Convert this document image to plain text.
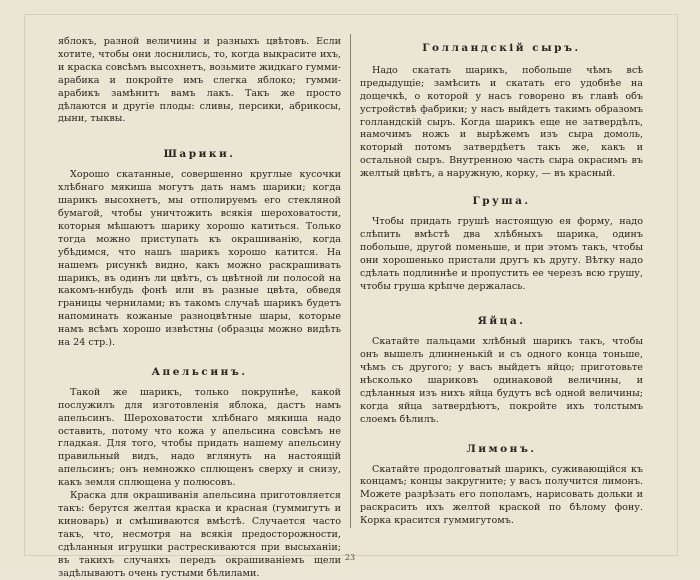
яблокъ, разной величины и разныхъ цвѣтовъ. Если хотите, чтобы они лоснились, то, когда выкрасите ихъ, и краска совсѣмъ высохнетъ, возьмите жидкаго гумми-арабика и покройте имъ слегка яблоко; гумми-арабикъ замѣнитъ вамъ лакъ. Такъ же просто дѣлаются и другіе плоды: сливы, персики, абрикосы, дыни, тыквы.

Шарики.

Хорошо скатанные, совершенно круглые кусочки хлѣбнаго мякиша могутъ дать намъ шарики; когда шарикъ высохнетъ, мы отполируемъ его стекляной бумагой, чтобы уничтожить всякія шероховатости, которыя мѣшаютъ шарику хорошо катиться. Только тогда можно приступать къ окрашиванію, когда убѣдимся, что нашъ шарикъ хорошо катится. На нашемъ рисункѣ видно, какъ можно раскрашивать шарикъ, въ одинъ ли цвѣтъ, съ цвѣтной ли полосой на какомъ-нибудь фонѣ или въ разные цвѣта, обведя границы чернилами; въ такомъ случаѣ шарикъ будетъ напоминать кожаные разноцвѣтные шары, которые намъ всѣмъ хорошо извѣстны (образцы можно видѣть на 24 стр.).

Апельсинъ.

Такой же шарикъ, только покрупнѣе, какой послужилъ для изготовленія яблока, дастъ намъ апельсинъ. Шероховатости хлѣбнаго мякиша надо оставить, потому что кожа у апельсина совсѣмъ не гладкая. Для того, чтобы придать нашему апельсину правильный видъ, надо вглянуть на настоящій апельсинъ; онъ немножко сплющенъ сверху и снизу, какъ земля сплющена у полюсовъ.

Краска для окрашиванія апельсина приготовляется такъ: берутся желтая краска и красная (гуммигутъ и киноварь) и смѣшиваются вмѣстѣ. Случается часто такъ, что, несмотря на всякія предосторожности, сдѣланныя игрушки растрескиваются при высыханіи; въ такихъ случаяхъ передъ окрашиваніемъ щели задѣлываютъ очень густыми бѣлилами.

Голландскій сыръ.

Надо скатать шарикъ, побольше чѣмъ всѣ предыдущіе; замѣсить и скатать его удобнѣе на дощечкѣ, о которой у насъ говорено въ главѣ объ устройствѣ фабрики; у насъ выйдетъ такимъ образомъ голландскій сыръ. Когда шарикъ еще не затвердѣлъ, намочимъ ножъ и вырѣжемъ изъ сыра домоль, который потомъ затвердѣетъ такъ же, какъ и остальной сыръ. Внутренною часть сыра окрасимъ въ желтый цвѣтъ, а наружную, корку, — въ красный.

Груша.

Чтобы придать грушѣ настоящую ея форму, надо слѣпить вмѣстѣ два хлѣбныхъ шарика, одинъ побольше, другой поменьше, и при этомъ такъ, чтобы они хорошенько пристали другъ къ другу. Вѣтку надо сдѣлать подлиннѣе и пропустить ее черезъ всю грушу, чтобы груша крѣпче держалась.

Яйца.

Скатайте пальцами хлѣбный шарикъ такъ, чтобы онъ вышелъ длинненькій и съ одного конца тоньше, чѣмъ съ другого; у васъ выйдетъ яйцо; приготовьте нѣсколько шариковъ одинаковой величины, и сдѣланныя изъ нихъ яйца будутъ всѣ одной величины; когда яйца затвердѣютъ, покройте ихъ толстымъ слоемъ бѣлилъ.

Лимонъ.

Скатайте продолговатый шарикъ, суживающійся къ концамъ; концы закругните; у васъ получится лимонъ. Можете разрѣзать его пополамъ, нарисовать дольки и раскрасить ихъ желтой краской по бѣлому фону. Корка красится гуммигутомъ.

23
